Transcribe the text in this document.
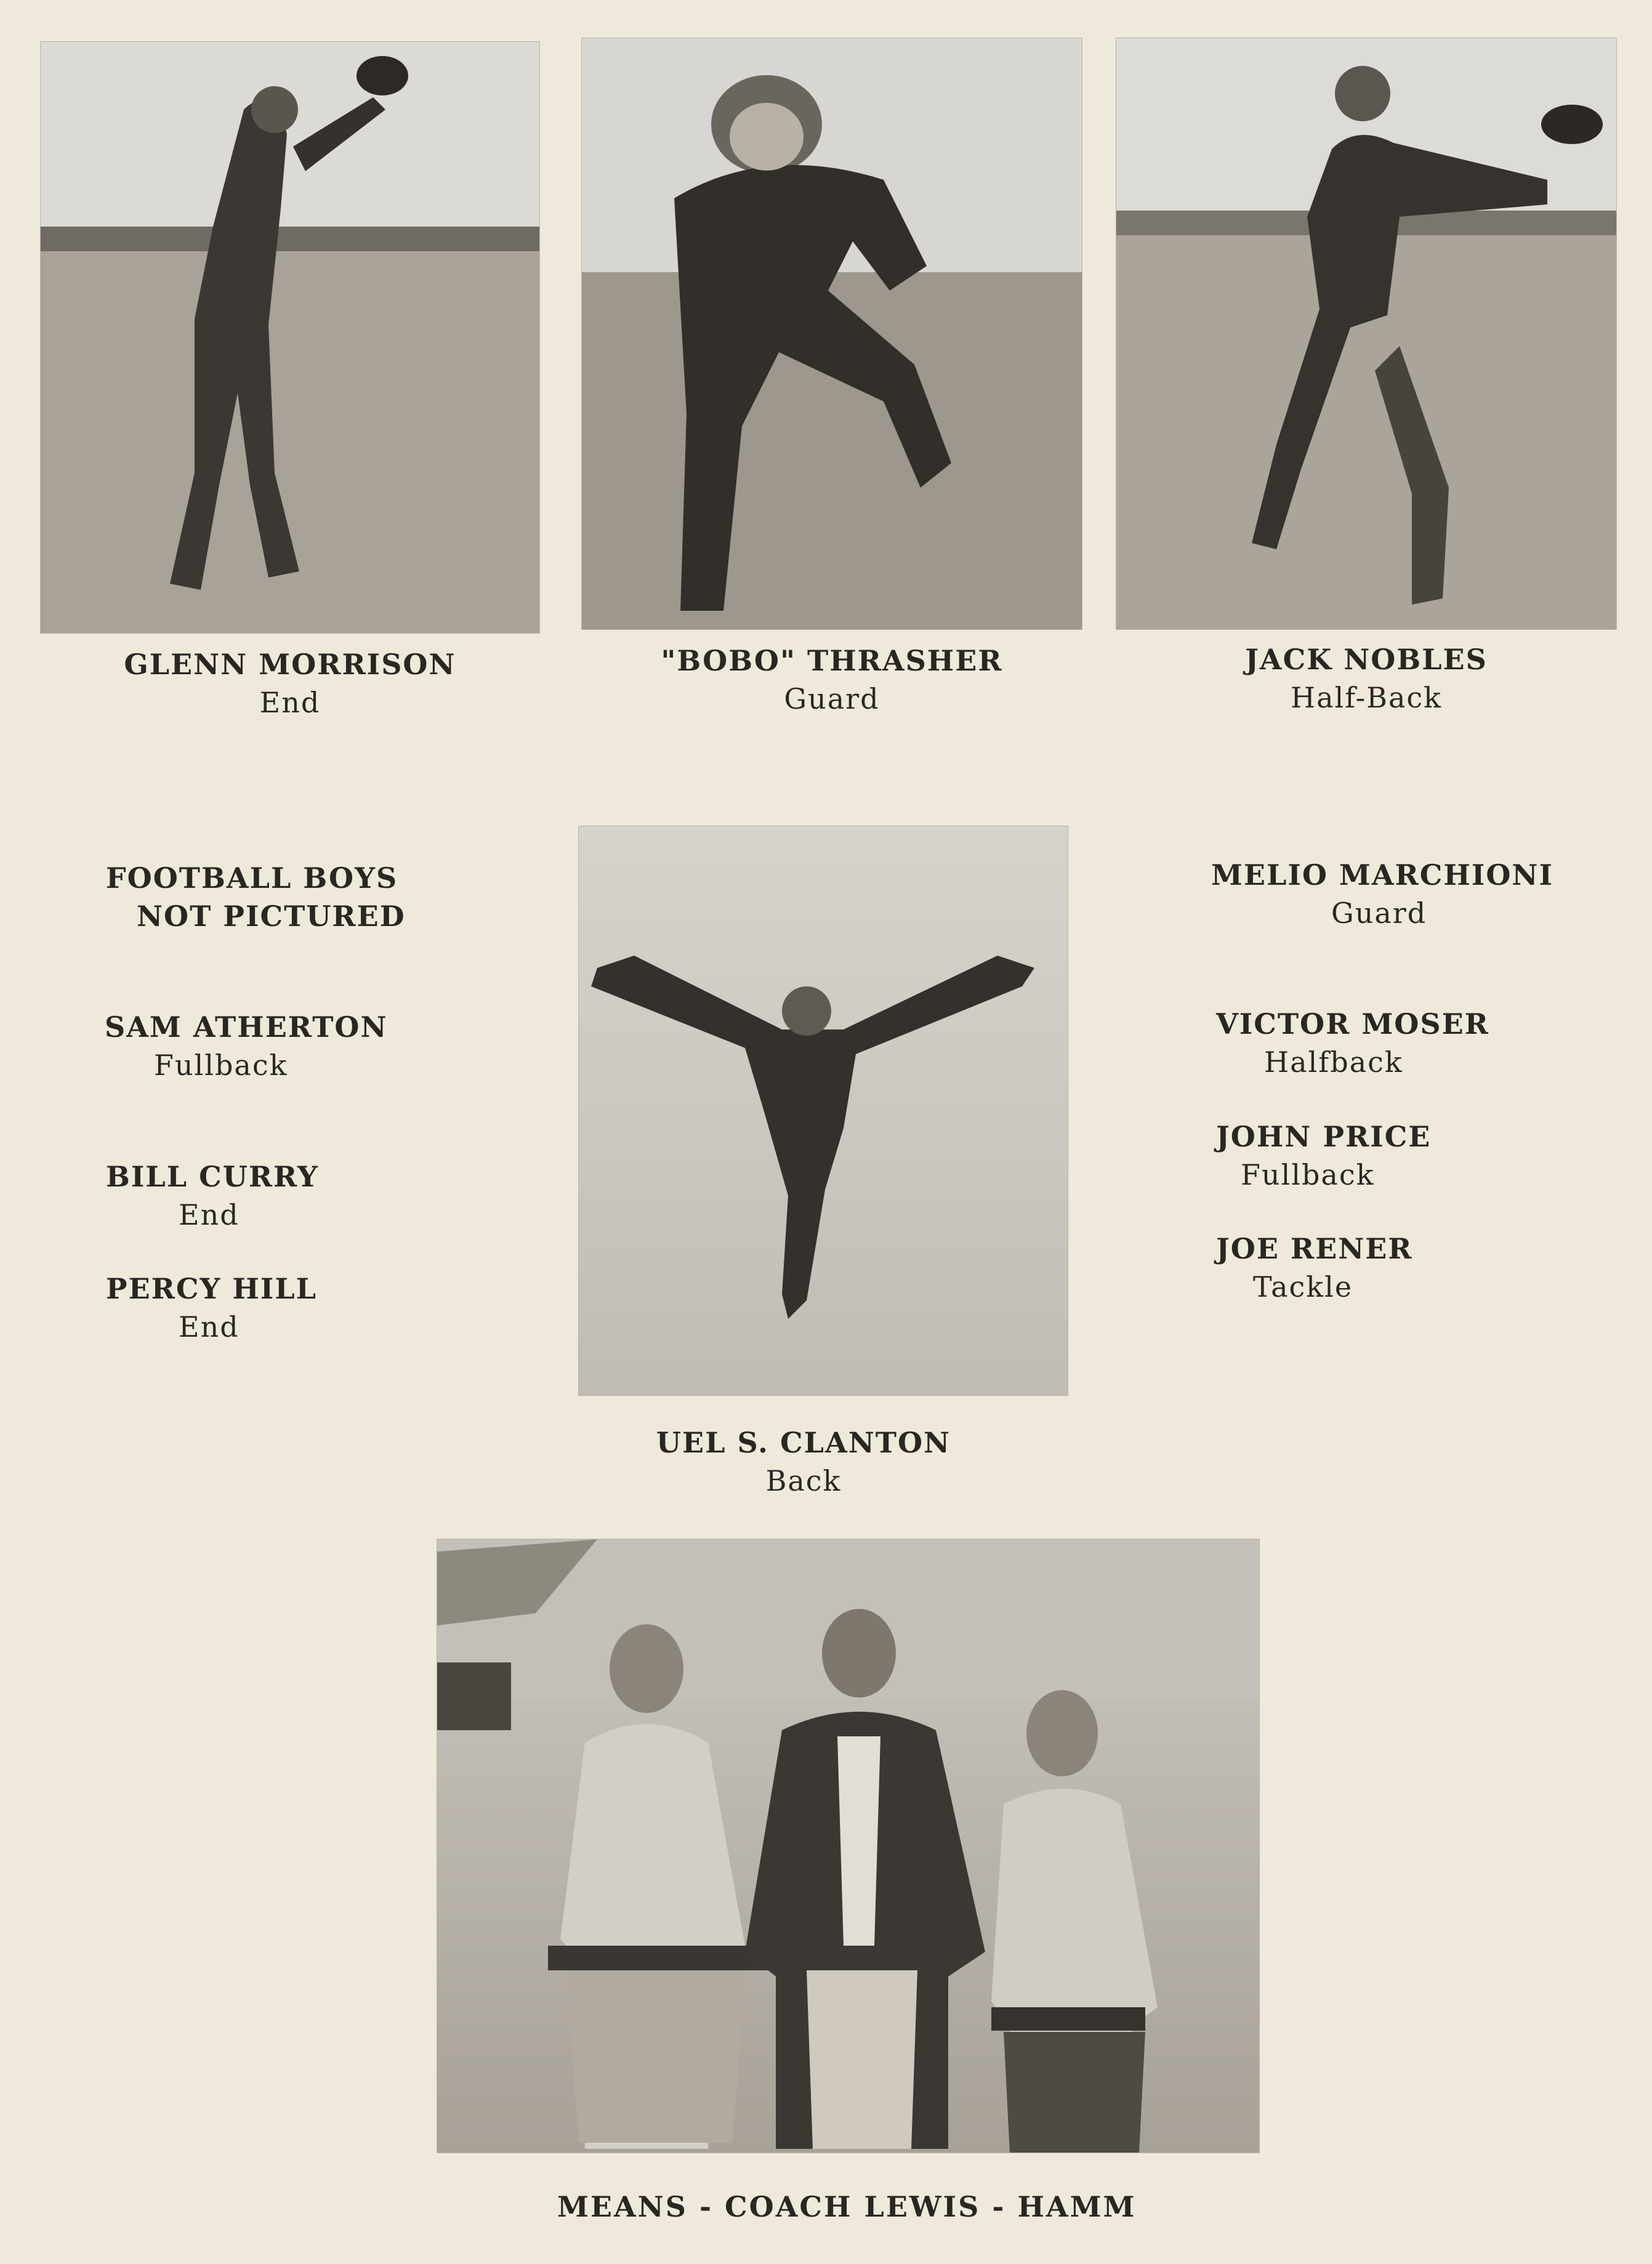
GLENN MORRISON
End
"BOBO" THRASHER
Guard
JACK NOBLES
Half-Back
FOOTBALL BOYS
NOT PICTURED
SAM ATHERTON
Fullback
BILL CURRY
End
PERCY HILL
End
UEL S. CLANTON
Back
MELIO MARCHIONI
Guard
VICTOR MOSER
Halfback
JOHN PRICE
Fullback
JOE RENER
Tackle
MEANS - COACH LEWIS - HAMM
